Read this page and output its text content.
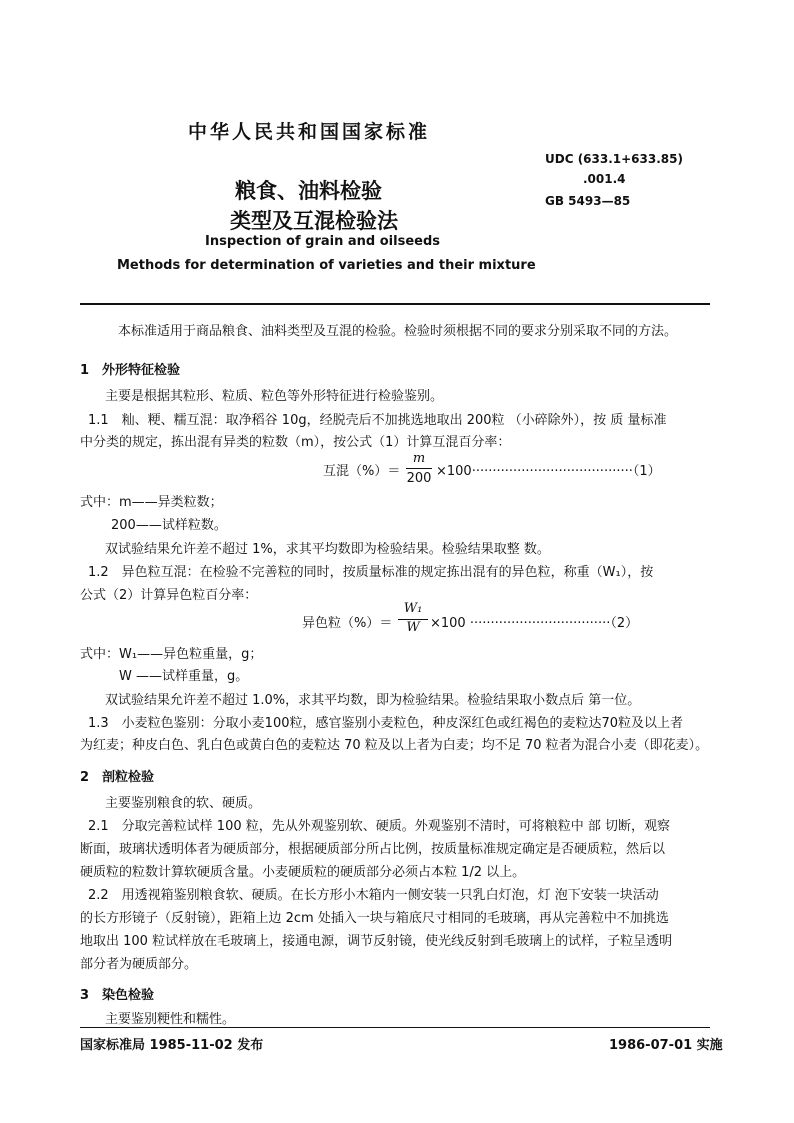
中华人民共和国国家标准
粮食、油料检验
类型及互混检验法
UDC (633.1+633.85)
.001.4
GB 5493—85
Inspection of grain and oilseeds
Methods for determination of varieties and their mixture
本标准适用于商品粮食、油料类型及互混的检验。检验时须根据不同的要求分别采取不同的方法。
1　外形特征检验
主要是根据其粒形、粒质、粒色等外形特征进行检验鉴别。
1.1　籼、粳、糯互混：取净稻谷 10g，经脱壳后不加挑选地取出 200粒 （小碎除外），按 质 量标准
中分类的规定，拣出混有异类的粒数（m），按公式（1）计算互混百分率：
互混（%）＝
m
200 ×100·······································（1）
式中：m——异类粒数；
200——试样粒数。
双试验结果允许差不超过 1%，求其平均数即为检验结果。检验结果取整 数。
1.2　异色粒互混：在检验不完善粒的同时，按质量标准的规定拣出混有的异色粒，称重（W₁），按
公式（2）计算异色粒百分率：
异色粒（%）＝
W₁
W ×100 ··································（2）
式中：W₁——异色粒重量，g；
W ——试样重量，g。
双试验结果允许差不超过 1.0%，求其平均数，即为检验结果。检验结果取小数点后 第一位。
1.3　小麦粒色鉴别：分取小麦100粒，感官鉴别小麦粒色，种皮深红色或红褐色的麦粒达70粒及以上者
为红麦；种皮白色、乳白色或黄白色的麦粒达 70 粒及以上者为白麦；均不足 70 粒者为混合小麦（即花麦）。
2　剖粒检验
主要鉴别粮食的软、硬质。
2.1　分取完善粒试样 100 粒，先从外观鉴别软、硬质。外观鉴别不清时，可将粮粒中 部 切断，观察
断面，玻璃状透明体者为硬质部分，根据硬质部分所占比例，按质量标准规定确定是否硬质粒，然后以
硬质粒的粒数计算软硬质含量。小麦硬质粒的硬质部分必须占本粒 1/2 以上。
2.2　用透视箱鉴别粮食软、硬质。在长方形小木箱内一侧安装一只乳白灯泡，灯 泡下安装一块活动
的长方形镜子（反射镜），距箱上边 2cm 处插入一块与箱底尺寸相同的毛玻璃，再从完善粒中不加挑选
地取出 100 粒试样放在毛玻璃上，接通电源，调节反射镜，使光线反射到毛玻璃上的试样，子粒呈透明
部分者为硬质部分。
3　染色检验
主要鉴别粳性和糯性。
国家标准局 1985-11-02 发布	1986-07-01 实施
